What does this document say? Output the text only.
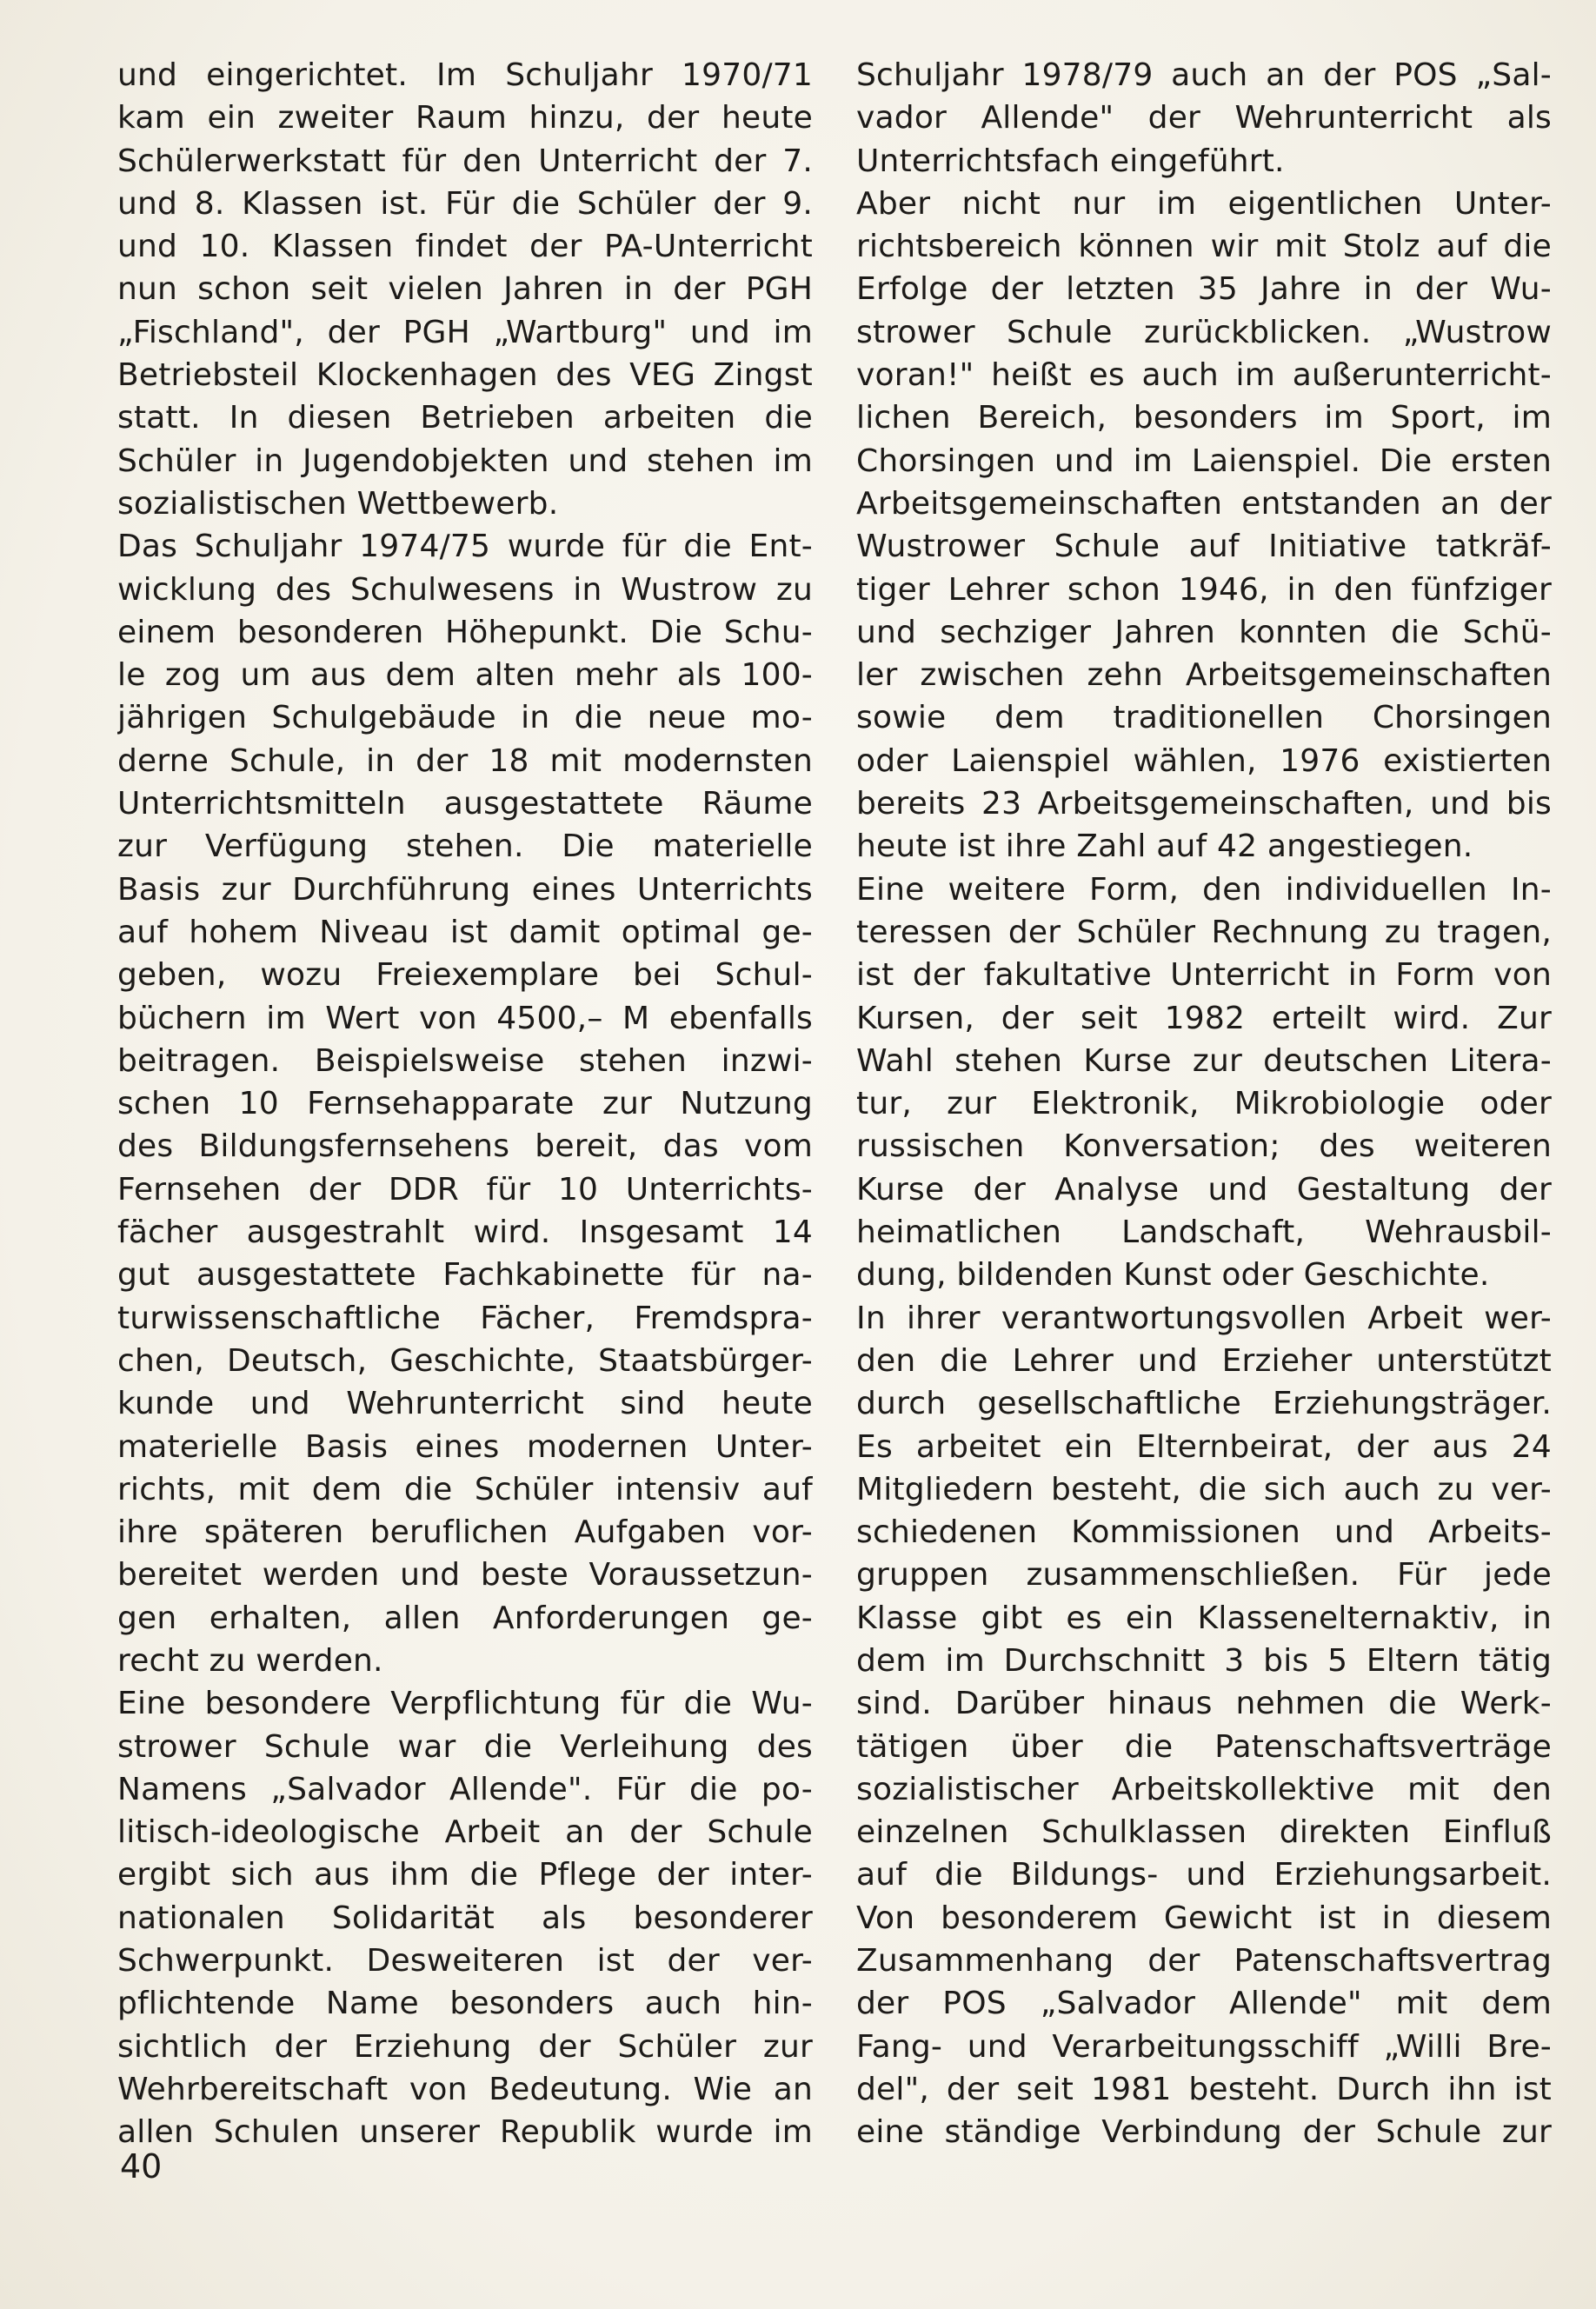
und eingerichtet. Im Schuljahr 1970/71
kam ein zweiter Raum hinzu, der heute
Schülerwerkstatt für den Unterricht der 7.
und 8. Klassen ist. Für die Schüler der 9.
und 10. Klassen findet der PA-Unterricht
nun schon seit vielen Jahren in der PGH
„Fischland", der PGH „Wartburg" und im
Betriebsteil Klockenhagen des VEG Zingst
statt. In diesen Betrieben arbeiten die
Schüler in Jugendobjekten und stehen im
sozialistischen Wettbewerb.
Das Schuljahr 1974/75 wurde für die Ent-
wicklung des Schulwesens in Wustrow zu
einem besonderen Höhepunkt. Die Schu-
le zog um aus dem alten mehr als 100-
jährigen Schulgebäude in die neue mo-
derne Schule, in der 18 mit modernsten
Unterrichtsmitteln ausgestattete Räume
zur Verfügung stehen. Die materielle
Basis zur Durchführung eines Unterrichts
auf hohem Niveau ist damit optimal ge-
geben, wozu Freiexemplare bei Schul-
büchern im Wert von 4500,– M ebenfalls
beitragen. Beispielsweise stehen inzwi-
schen 10 Fernsehapparate zur Nutzung
des Bildungsfernsehens bereit, das vom
Fernsehen der DDR für 10 Unterrichts-
fächer ausgestrahlt wird. Insgesamt 14
gut ausgestattete Fachkabinette für na-
turwissenschaftliche Fächer, Fremdspra-
chen, Deutsch, Geschichte, Staatsbürger-
kunde und Wehrunterricht sind heute
materielle Basis eines modernen Unter-
richts, mit dem die Schüler intensiv auf
ihre späteren beruflichen Aufgaben vor-
bereitet werden und beste Voraussetzun-
gen erhalten, allen Anforderungen ge-
recht zu werden.
Eine besondere Verpflichtung für die Wu-
strower Schule war die Verleihung des
Namens „Salvador Allende". Für die po-
litisch-ideologische Arbeit an der Schule
ergibt sich aus ihm die Pflege der inter-
nationalen Solidarität als besonderer
Schwerpunkt. Desweiteren ist der ver-
pflichtende Name besonders auch hin-
sichtlich der Erziehung der Schüler zur
Wehrbereitschaft von Bedeutung. Wie an
allen Schulen unserer Republik wurde im
Schuljahr 1978/79 auch an der POS „Sal-
vador Allende" der Wehrunterricht als
Unterrichtsfach eingeführt.
Aber nicht nur im eigentlichen Unter-
richtsbereich können wir mit Stolz auf die
Erfolge der letzten 35 Jahre in der Wu-
strower Schule zurückblicken. „Wustrow
voran!" heißt es auch im außerunterricht-
lichen Bereich, besonders im Sport, im
Chorsingen und im Laienspiel. Die ersten
Arbeitsgemeinschaften entstanden an der
Wustrower Schule auf Initiative tatkräf-
tiger Lehrer schon 1946, in den fünfziger
und sechziger Jahren konnten die Schü-
ler zwischen zehn Arbeitsgemeinschaften
sowie dem traditionellen Chorsingen
oder Laienspiel wählen, 1976 existierten
bereits 23 Arbeitsgemeinschaften, und bis
heute ist ihre Zahl auf 42 angestiegen.
Eine weitere Form, den individuellen In-
teressen der Schüler Rechnung zu tragen,
ist der fakultative Unterricht in Form von
Kursen, der seit 1982 erteilt wird. Zur
Wahl stehen Kurse zur deutschen Litera-
tur, zur Elektronik, Mikrobiologie oder
russischen Konversation; des weiteren
Kurse der Analyse und Gestaltung der
heimatlichen Landschaft, Wehrausbil-
dung, bildenden Kunst oder Geschichte.
In ihrer verantwortungsvollen Arbeit wer-
den die Lehrer und Erzieher unterstützt
durch gesellschaftliche Erziehungsträger.
Es arbeitet ein Elternbeirat, der aus 24
Mitgliedern besteht, die sich auch zu ver-
schiedenen Kommissionen und Arbeits-
gruppen zusammenschließen. Für jede
Klasse gibt es ein Klassenelternaktiv, in
dem im Durchschnitt 3 bis 5 Eltern tätig
sind. Darüber hinaus nehmen die Werk-
tätigen über die Patenschaftsverträge
sozialistischer Arbeitskollektive mit den
einzelnen Schulklassen direkten Einfluß
auf die Bildungs- und Erziehungsarbeit.
Von besonderem Gewicht ist in diesem
Zusammenhang der Patenschaftsvertrag
der POS „Salvador Allende" mit dem
Fang- und Verarbeitungsschiff „Willi Bre-
del", der seit 1981 besteht. Durch ihn ist
eine ständige Verbindung der Schule zur
40
